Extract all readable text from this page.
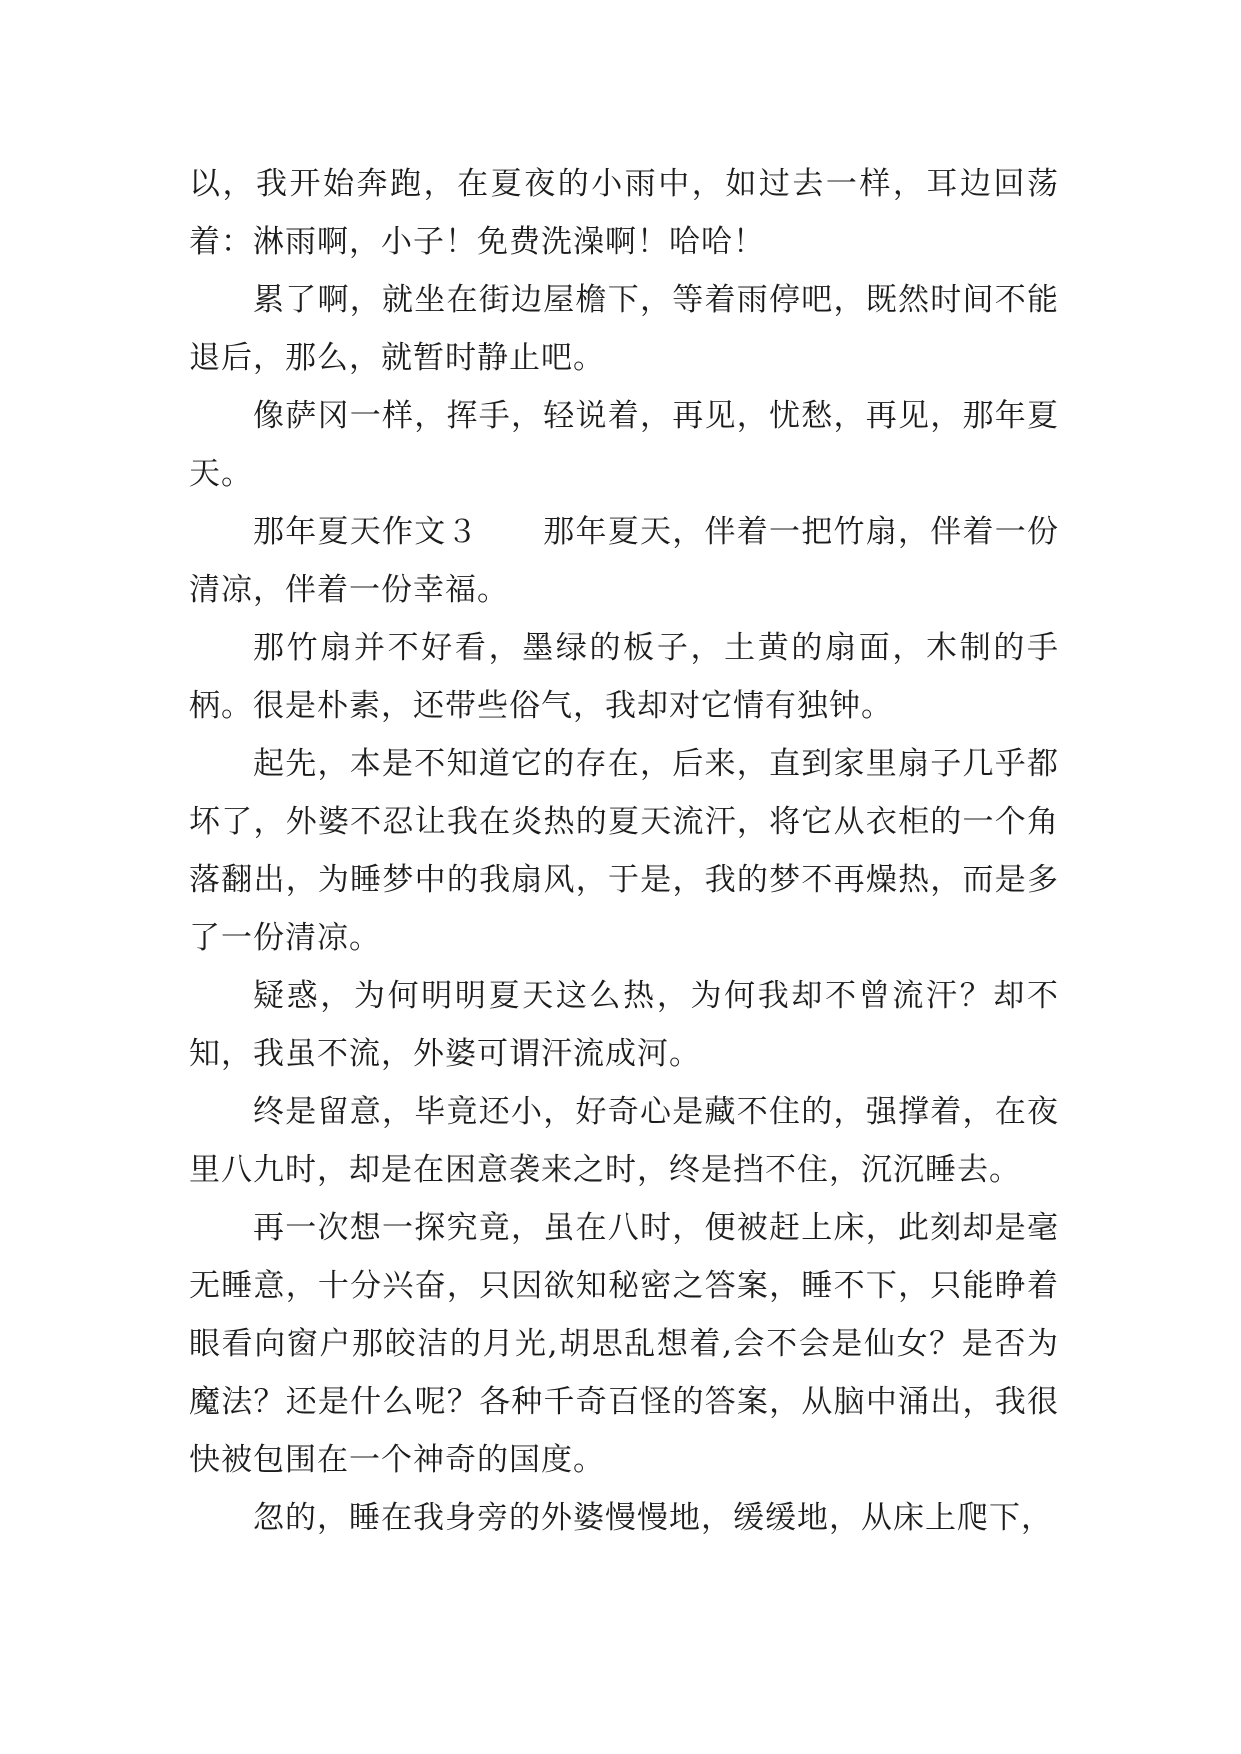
以，我开始奔跑，在夏夜的小雨中，如过去一样，耳边回荡着：淋雨啊，小子！免费洗澡啊！哈哈！

累了啊，就坐在街边屋檐下，等着雨停吧，既然时间不能退后，那么，就暂时静止吧。

像萨冈一样，挥手，轻说着，再见，忧愁，再见，那年夏天。

那年夏天作文３　　那年夏天，伴着一把竹扇，伴着一份清凉，伴着一份幸福。

那竹扇并不好看，墨绿的板子，土黄的扇面，木制的手柄。很是朴素，还带些俗气，我却对它情有独钟。

起先，本是不知道它的存在，后来，直到家里扇子几乎都坏了，外婆不忍让我在炎热的夏天流汗，将它从衣柜的一个角落翻出，为睡梦中的我扇风，于是，我的梦不再燥热，而是多了一份清凉。

疑惑，为何明明夏天这么热，为何我却不曾流汗？却不知，我虽不流，外婆可谓汗流成河。

终是留意，毕竟还小，好奇心是藏不住的，强撑着，在夜里八九时，却是在困意袭来之时，终是挡不住，沉沉睡去。

再一次想一探究竟，虽在八时，便被赶上床，此刻却是毫无睡意，十分兴奋，只因欲知秘密之答案，睡不下，只能睁着眼看向窗户那皎洁的月光,胡思乱想着,会不会是仙女？是否为魔法？还是什么呢？各种千奇百怪的答案，从脑中涌出，我很快被包围在一个神奇的国度。

忽的，睡在我身旁的外婆慢慢地，缓缓地，从床上爬下，
